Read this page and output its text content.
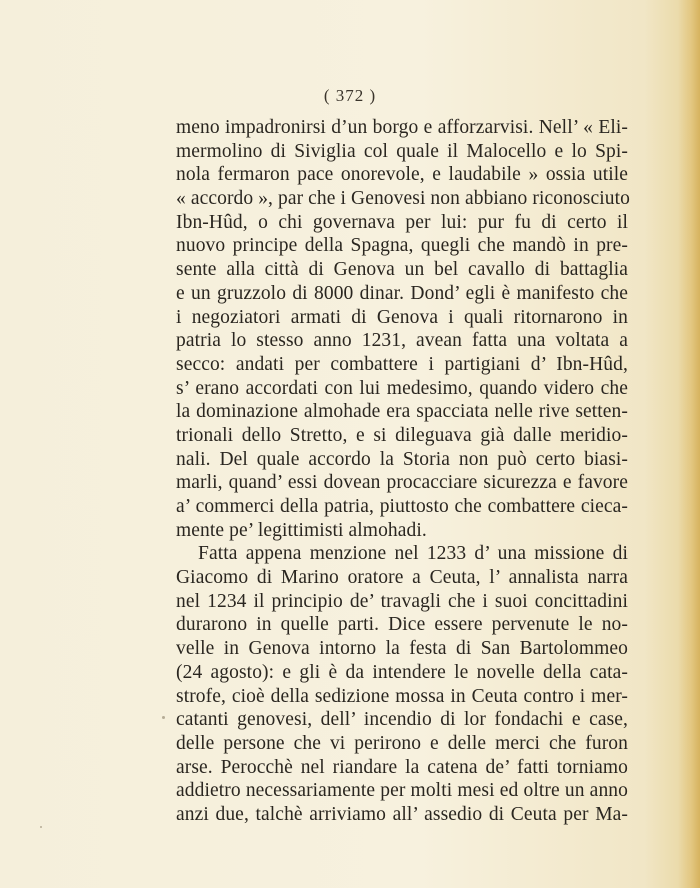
( 372 )
meno impadronirsi d’un borgo e afforzarvisi. Nell’ « Eli-
mermolino di Siviglia col quale il Malocello e lo Spi-
nola fermaron pace onorevole, e laudabile » ossia utile
« accordo », par che i Genovesi non abbiano riconosciuto
Ibn-Hûd, o chi governava per lui: pur fu di certo il
nuovo principe della Spagna, quegli che mandò in pre-
sente alla città di Genova un bel cavallo di battaglia
e un gruzzolo di 8000 dinar. Dond’ egli è manifesto che
i negoziatori armati di Genova i quali ritornarono in
patria lo stesso anno 1231, avean fatta una voltata a
secco: andati per combattere i partigiani d’ Ibn-Hûd,
s’ erano accordati con lui medesimo, quando videro che
la dominazione almohade era spacciata nelle rive setten-
trionali dello Stretto, e si dileguava già dalle meridio-
nali. Del quale accordo la Storia non può certo biasi-
marli, quand’ essi dovean procacciare sicurezza e favore
a’ commerci della patria, piuttosto che combattere cieca-
mente pe’ legittimisti almohadi.
Fatta appena menzione nel 1233 d’ una missione di
Giacomo di Marino oratore a Ceuta, l’ annalista narra
nel 1234 il principio de’ travagli che i suoi concittadini
durarono in quelle parti. Dice essere pervenute le no-
velle in Genova intorno la festa di San Bartolommeo
(24 agosto): e gli è da intendere le novelle della cata-
strofe, cioè della sedizione mossa in Ceuta contro i mer-
catanti genovesi, dell’ incendio di lor fondachi e case,
delle persone che vi perirono e delle merci che furon
arse. Perocchè nel riandare la catena de’ fatti torniamo
addietro necessariamente per molti mesi ed oltre un anno
anzi due, talchè arriviamo all’ assedio di Ceuta per Ma-
